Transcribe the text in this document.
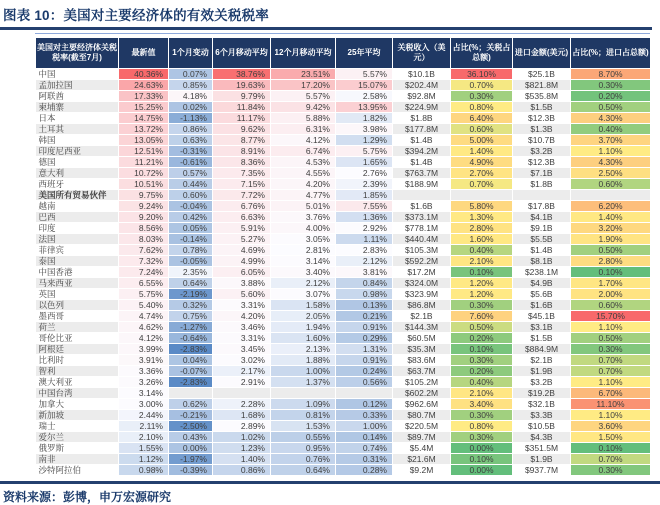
图表 10：美国对主要经济体的有效关税税率
美国对主要经济体关税税率(截至7月)	最新值	1个月变动	6个月移动平均	12个月移动平均	25年平均	关税收入（美元）	占比(%；关税占总额)	进口金额(美元)	占比(%；进口占总额)
中国	40.36%	0.07%	38.76%	23.51%	5.57%	$10.1B	36.10%	$25.1B	8.70%
孟加拉国	24.63%	0.85%	19.63%	17.20%	15.07%	$202.4M	0.70%	$821.8M	0.30%
阿联酋	17.33%	4.18%	9.79%	5.57%	2.58%	$92.8M	0.30%	$535.8M	0.20%
柬埔寨	15.25%	0.02%	11.84%	9.42%	13.95%	$224.9M	0.80%	$1.5B	0.50%
日本	14.75%	-1.13%	11.17%	5.88%	1.82%	$1.8B	6.40%	$12.3B	4.30%
土耳其	13.72%	0.86%	9.62%	6.31%	3.98%	$177.8M	0.60%	$1.3B	0.40%
韩国	13.05%	0.63%	8.77%	4.12%	1.29%	$1.4B	5.00%	$10.7B	3.70%
印度尼西亚	12.51%	-0.31%	8.91%	6.74%	5.75%	$394.2M	1.40%	$3.2B	1.10%
德国	11.21%	-0.61%	8.36%	4.53%	1.65%	$1.4B	4.90%	$12.3B	4.30%
意大利	10.72%	0.57%	7.35%	4.55%	2.76%	$763.7M	2.70%	$7.1B	2.50%
西班牙	10.51%	0.44%	7.15%	4.20%	2.39%	$188.9M	0.70%	$1.8B	0.60%
美国所有贸易伙伴	9.75%	0.60%	7.72%	4.77%	1.85%				
越南	9.24%	-0.04%	6.76%	5.01%	7.55%	$1.6B	5.80%	$17.8B	6.20%
巴西	9.20%	0.42%	6.63%	3.76%	1.36%	$373.1M	1.30%	$4.1B	1.40%
印度	8.56%	0.05%	5.91%	4.00%	2.92%	$778.1M	2.80%	$9.1B	3.20%
法国	8.03%	-0.14%	5.27%	3.05%	1.11%	$440.4M	1.60%	$5.5B	1.90%
菲律宾	7.62%	0.78%	4.69%	2.81%	2.83%	$105.3M	0.40%	$1.4B	0.50%
泰国	7.32%	-0.05%	4.99%	3.14%	2.12%	$592.2M	2.10%	$8.1B	2.80%
中国香港	7.24%	2.35%	6.05%	3.40%	3.81%	$17.2M	0.10%	$238.1M	0.10%
马来西亚	6.55%	0.64%	3.88%	2.12%	0.84%	$324.0M	1.20%	$4.9B	1.70%
英国	5.75%	-2.19%	5.60%	3.07%	0.98%	$323.9M	1.20%	$5.6B	2.00%
以色列	5.40%	0.32%	3.31%	1.58%	0.13%	$86.8M	0.30%	$1.6B	0.60%
墨西哥	4.74%	0.75%	4.20%	2.05%	0.21%	$2.1B	7.60%	$45.1B	15.70%
荷兰	4.62%	-1.27%	3.46%	1.94%	0.91%	$144.3M	0.50%	$3.1B	1.10%
哥伦比亚	4.12%	-0.64%	3.31%	1.60%	0.29%	$60.5M	0.20%	$1.5B	0.50%
阿根廷	3.99%	-2.83%	3.45%	2.13%	1.31%	$35.3M	0.10%	$884.9M	0.30%
比利时	3.91%	0.04%	3.02%	1.88%	0.91%	$83.6M	0.30%	$2.1B	0.70%
智利	3.36%	-0.07%	2.17%	1.00%	0.24%	$63.7M	0.20%	$1.9B	0.70%
澳大利亚	3.26%	-2.83%	2.91%	1.37%	0.56%	$105.2M	0.40%	$3.2B	1.10%
中国台湾	3.14%					$602.2M	2.10%	$19.2B	6.70%
加拿大	3.00%	0.62%	2.28%	1.09%	0.12%	$962.6M	3.40%	$32.1B	11.10%
新加坡	2.44%	-0.21%	1.68%	0.81%	0.33%	$80.7M	0.30%	$3.3B	1.10%
瑞士	2.11%	-2.50%	2.89%	1.53%	1.00%	$220.5M	0.80%	$10.5B	3.60%
爱尔兰	2.10%	0.43%	1.02%	0.55%	0.14%	$89.7M	0.30%	$4.3B	1.50%
俄罗斯	1.55%	0.00%	1.23%	0.95%	0.74%	$5.4M	0.00%	$351.5M	0.10%
南非	1.12%	-1.97%	1.40%	0.76%	0.31%	$21.6M	0.10%	$1.9B	0.70%
沙特阿拉伯	0.98%	-0.39%	0.86%	0.64%	0.28%	$9.2M	0.00%	$937.7M	0.30%
资料来源：彭博，申万宏源研究
